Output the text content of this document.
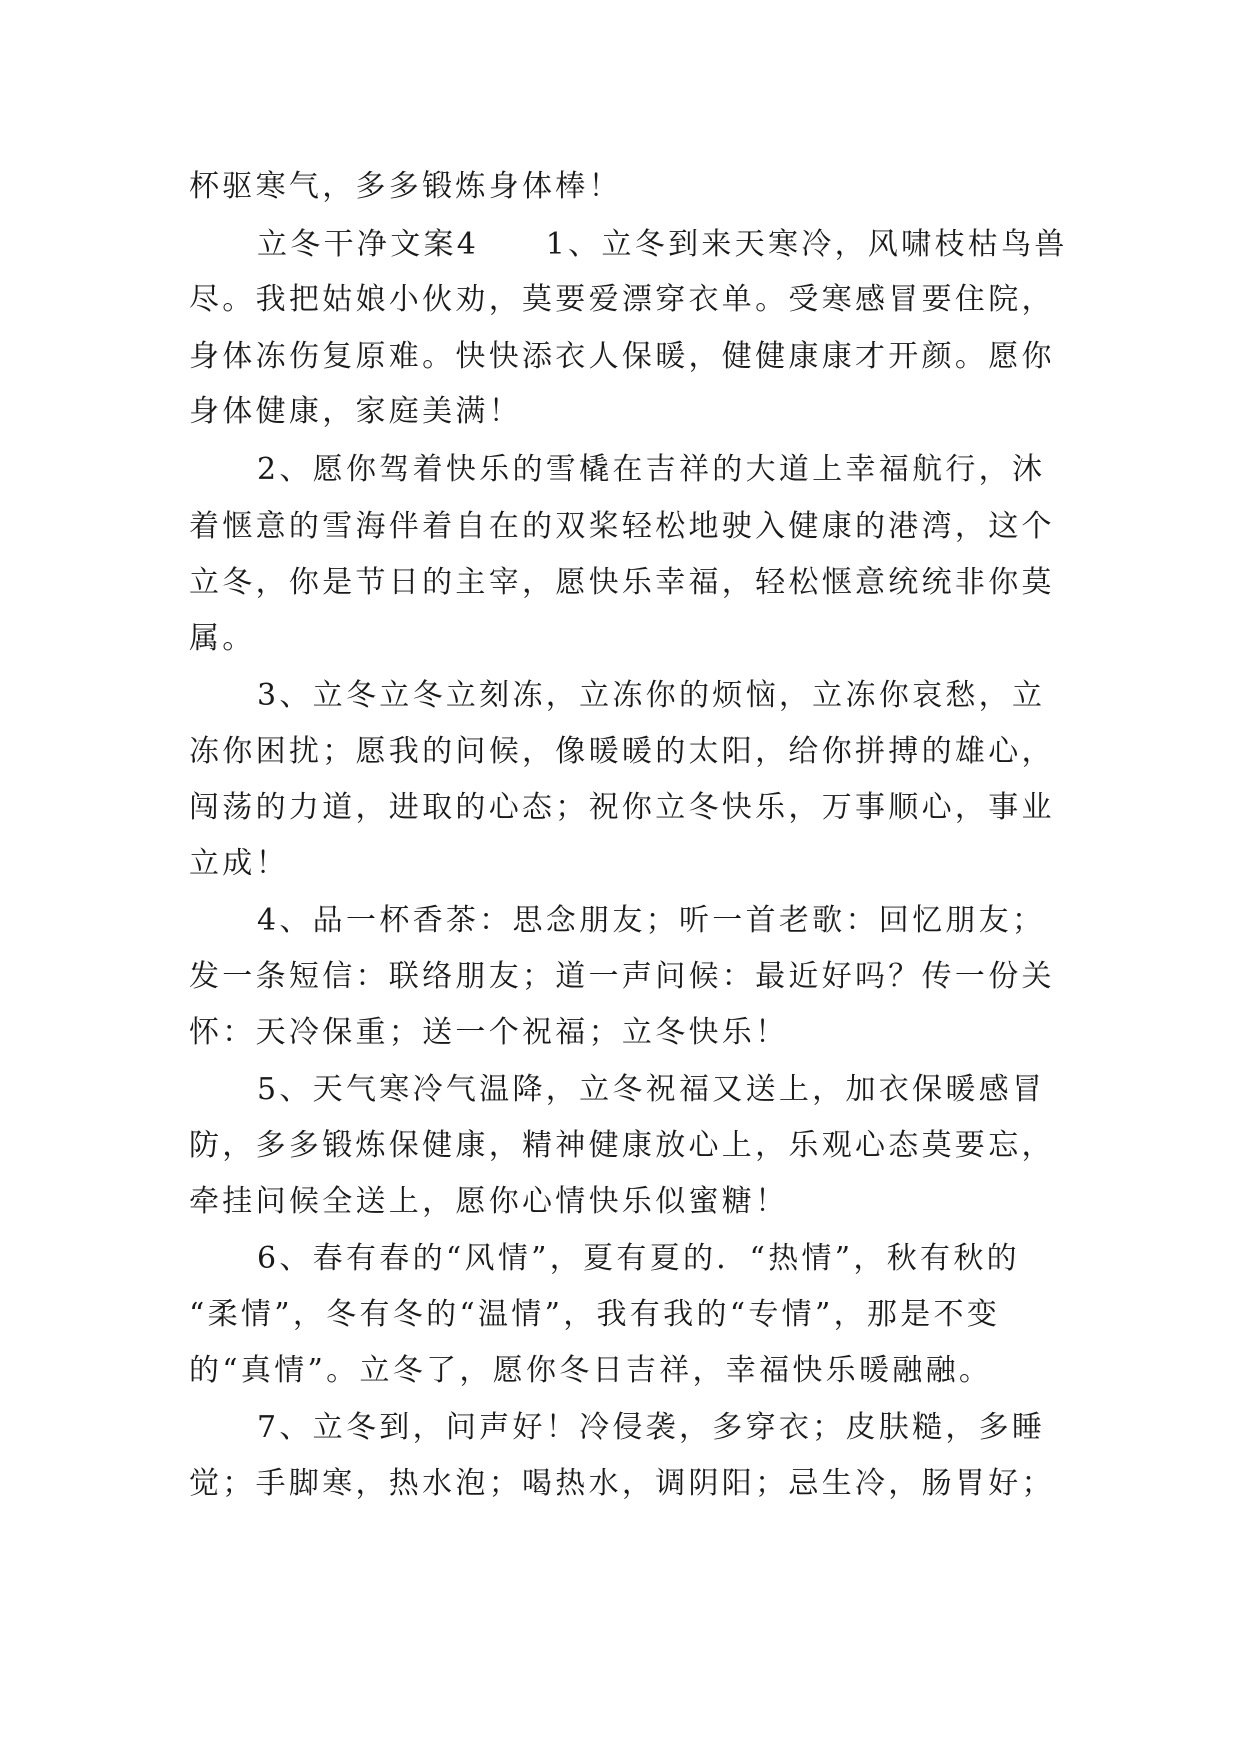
杯驱寒气，多多锻炼身体棒！
立冬干净文案4　　1、立冬到来天寒冷，风啸枝枯鸟兽
尽。我把姑娘小伙劝，莫要爱漂穿衣单。受寒感冒要住院，
身体冻伤复原难。快快添衣人保暖，健健康康才开颜。愿你
身体健康，家庭美满！
2、愿你驾着快乐的雪橇在吉祥的大道上幸福航行，沐
着惬意的雪海伴着自在的双桨轻松地驶入健康的港湾，这个
立冬，你是节日的主宰，愿快乐幸福，轻松惬意统统非你莫
属。
3、立冬立冬立刻冻，立冻你的烦恼，立冻你哀愁，立
冻你困扰；愿我的问候，像暖暖的太阳，给你拼搏的雄心，
闯荡的力道，进取的心态；祝你立冬快乐，万事顺心，事业
立成！
4、品一杯香茶：思念朋友；听一首老歌：回忆朋友；
发一条短信：联络朋友；道一声问候：最近好吗？传一份关
怀：天冷保重；送一个祝福；立冬快乐！
5、天气寒冷气温降，立冬祝福又送上，加衣保暖感冒
防，多多锻炼保健康，精神健康放心上，乐观心态莫要忘，
牵挂问候全送上，愿你心情快乐似蜜糖！
6、春有春的“风情”，夏有夏的．“热情”，秋有秋的
“柔情”，冬有冬的“温情”，我有我的“专情”，那是不变
的“真情”。立冬了，愿你冬日吉祥，幸福快乐暖融融。
7、立冬到，问声好！冷侵袭，多穿衣；皮肤糙，多睡
觉；手脚寒，热水泡；喝热水，调阴阳；忌生冷，肠胃好；
